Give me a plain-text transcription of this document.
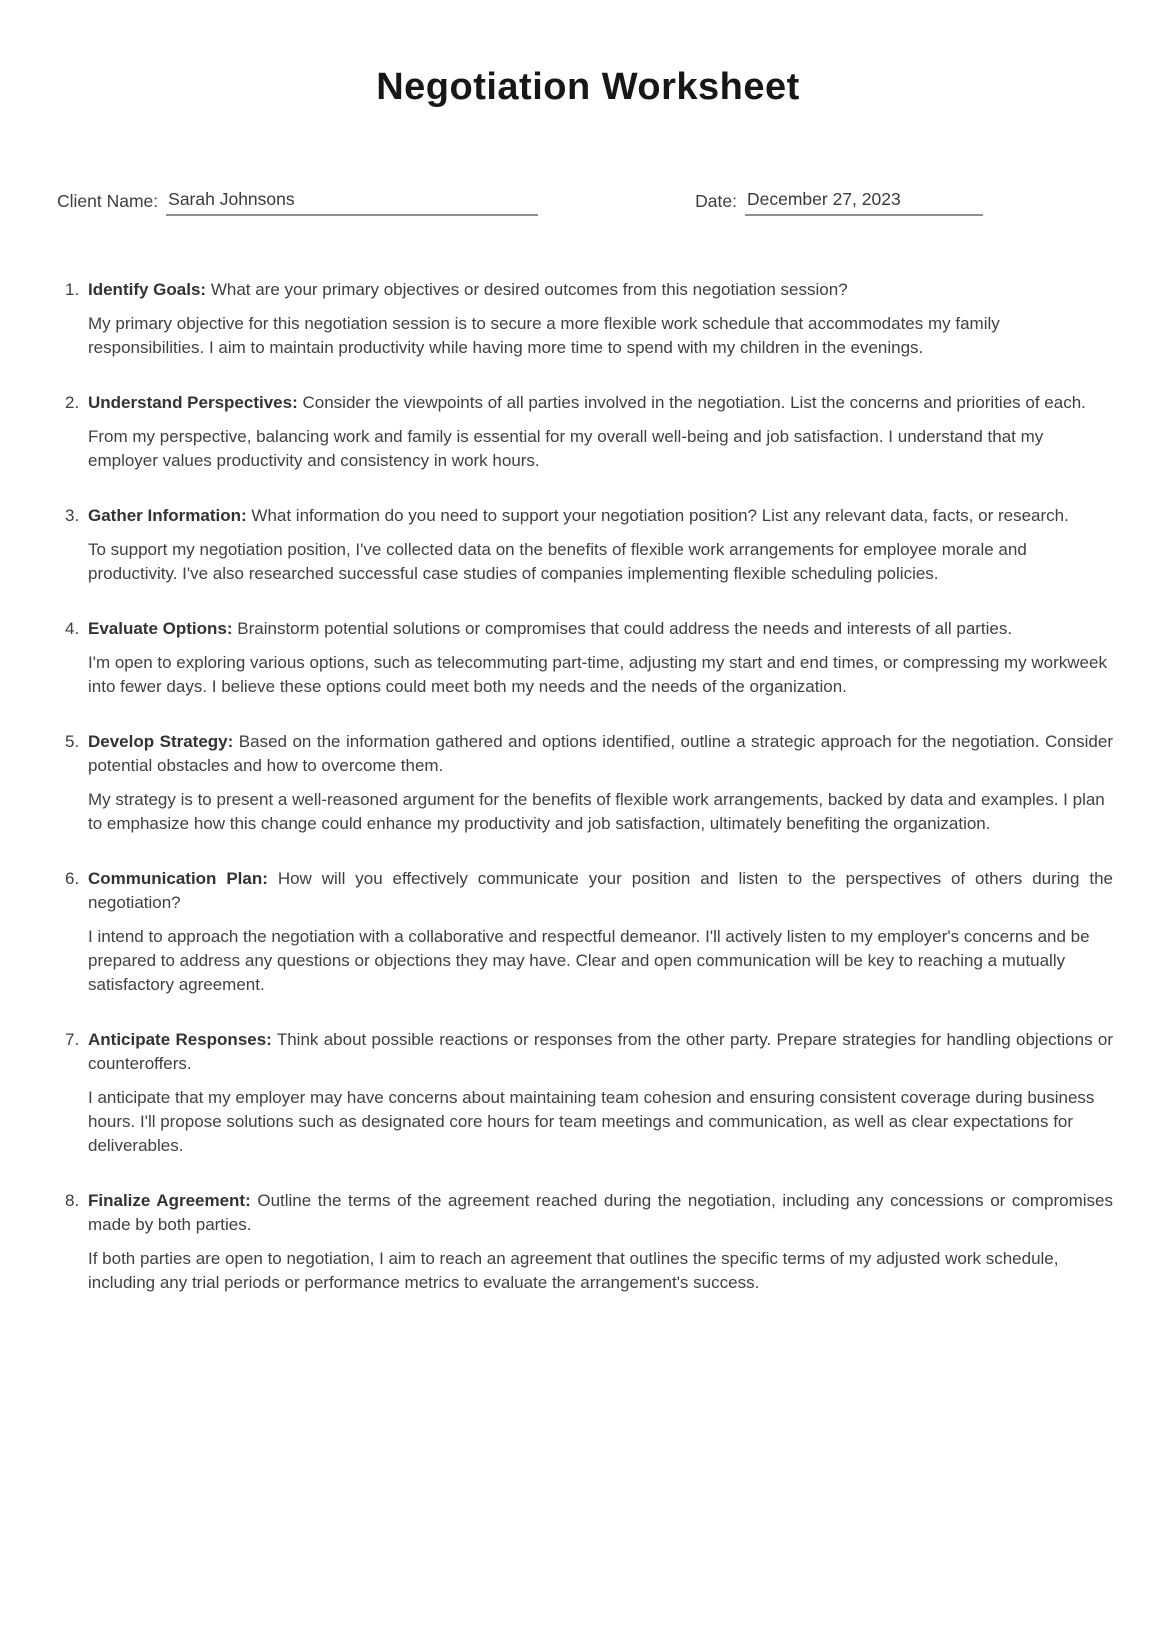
Negotiation Worksheet
Client Name: Sarah Johnsons	Date: December 27, 2023
1. Identify Goals: What are your primary objectives or desired outcomes from this negotiation session?

My primary objective for this negotiation session is to secure a more flexible work schedule that accommodates my family responsibilities. I aim to maintain productivity while having more time to spend with my children in the evenings.

2. Understand Perspectives: Consider the viewpoints of all parties involved in the negotiation. List the concerns and priorities of each.

From my perspective, balancing work and family is essential for my overall well-being and job satisfaction. I understand that my employer values productivity and consistency in work hours.

3. Gather Information: What information do you need to support your negotiation position? List any relevant data, facts, or research.

To support my negotiation position, I've collected data on the benefits of flexible work arrangements for employee morale and productivity. I've also researched successful case studies of companies implementing flexible scheduling policies.

4. Evaluate Options: Brainstorm potential solutions or compromises that could address the needs and interests of all parties.

I'm open to exploring various options, such as telecommuting part-time, adjusting my start and end times, or compressing my workweek into fewer days. I believe these options could meet both my needs and the needs of the organization.

5. Develop Strategy: Based on the information gathered and options identified, outline a strategic approach for the negotiation. Consider potential obstacles and how to overcome them.

My strategy is to present a well-reasoned argument for the benefits of flexible work arrangements, backed by data and examples. I plan to emphasize how this change could enhance my productivity and job satisfaction, ultimately benefiting the organization.

6. Communication Plan: How will you effectively communicate your position and listen to the perspectives of others during the negotiation?

I intend to approach the negotiation with a collaborative and respectful demeanor. I'll actively listen to my employer's concerns and be prepared to address any questions or objections they may have. Clear and open communication will be key to reaching a mutually satisfactory agreement.

7. Anticipate Responses: Think about possible reactions or responses from the other party. Prepare strategies for handling objections or counteroffers.

I anticipate that my employer may have concerns about maintaining team cohesion and ensuring consistent coverage during business hours. I'll propose solutions such as designated core hours for team meetings and communication, as well as clear expectations for deliverables.

8. Finalize Agreement: Outline the terms of the agreement reached during the negotiation, including any concessions or compromises made by both parties.

If both parties are open to negotiation, I aim to reach an agreement that outlines the specific terms of my adjusted work schedule, including any trial periods or performance metrics to evaluate the arrangement's success.
